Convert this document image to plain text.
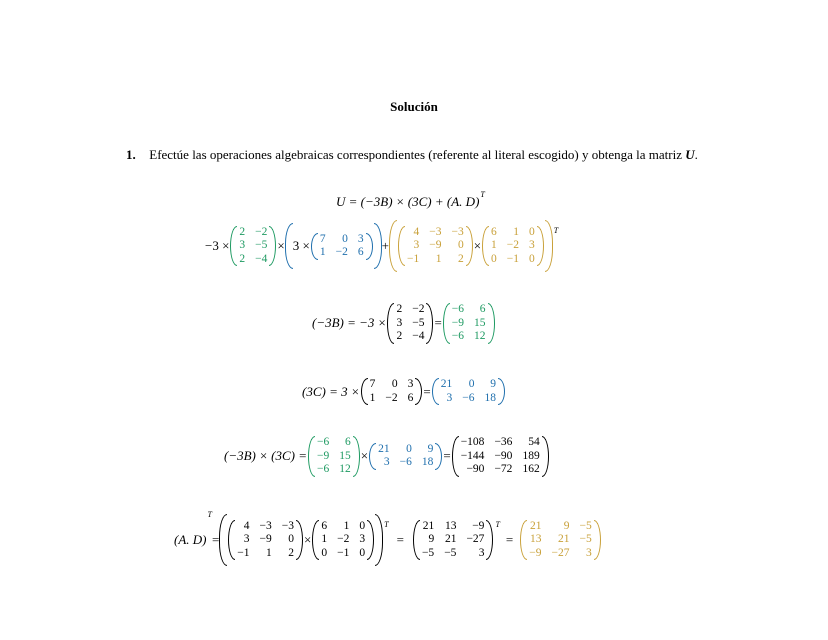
Solución
1. Efectúe las operaciones algebraicas correspondientes (referente al literal escogido) y obtenga la matriz U.
U = (−3B) × (3C) + (A. D) T
−3 ×
2 −2
3 −5
2 −4
× 3 × 7	0 3
1 −2 6 +
4 −3 −3
3 −9	0
−1	1	2
×
6	1 0
1 −2 3
0 −1 0
T
(−3B) = −3 ×
2 −2
3 −5
2 −4
=
−6	6
−9 15
−6 12
(3C) = 3 × 7	0 3
1 −2 6 = 21	0	9
3 −6 18
(−3B) × (3C) =
−6	6
−9 15
−6 12
× 21	0	9
3 −6 18 =
−108 −36	54
−144 −90 189
−90 −72 162
(A. D)
T
=
4 −3 −3
3 −9	0
−1	1	2
×
6	1 0
1 −2 3
0 −1 0
T
=
21 13	−9
9 21 −27
−5 −5	3
T
=
21	9 −5
13	21 −5
−9 −27	3
